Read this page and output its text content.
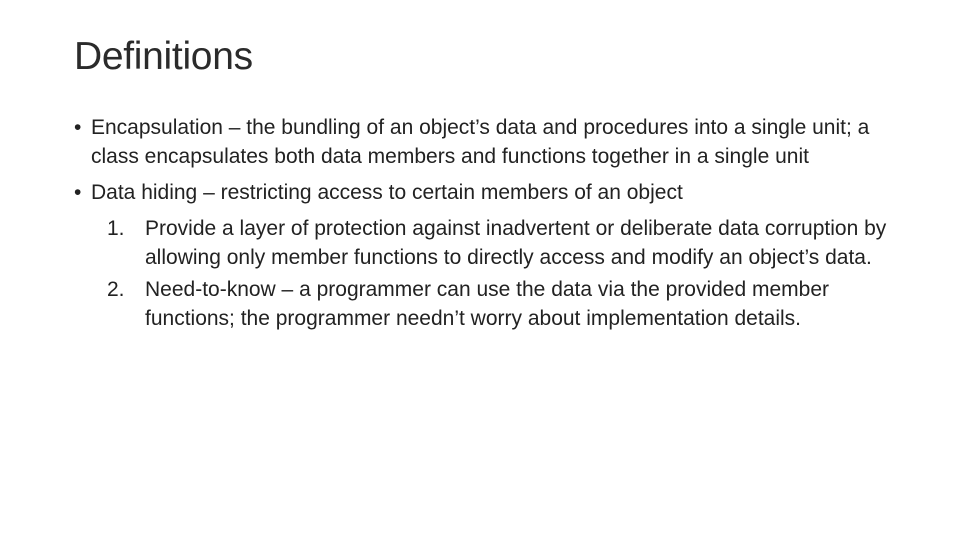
Definitions
• Encapsulation – the bundling of an object’s data and procedures into a single unit; a class encapsulates both data members and functions together in a single unit
• Data hiding – restricting access to certain members of an object
1. Provide a layer of protection against inadvertent or deliberate data corruption by allowing only member functions to directly access and modify an object’s data.
2. Need-to-know – a programmer can use the data via the provided member functions; the programmer needn’t worry about implementation details.
